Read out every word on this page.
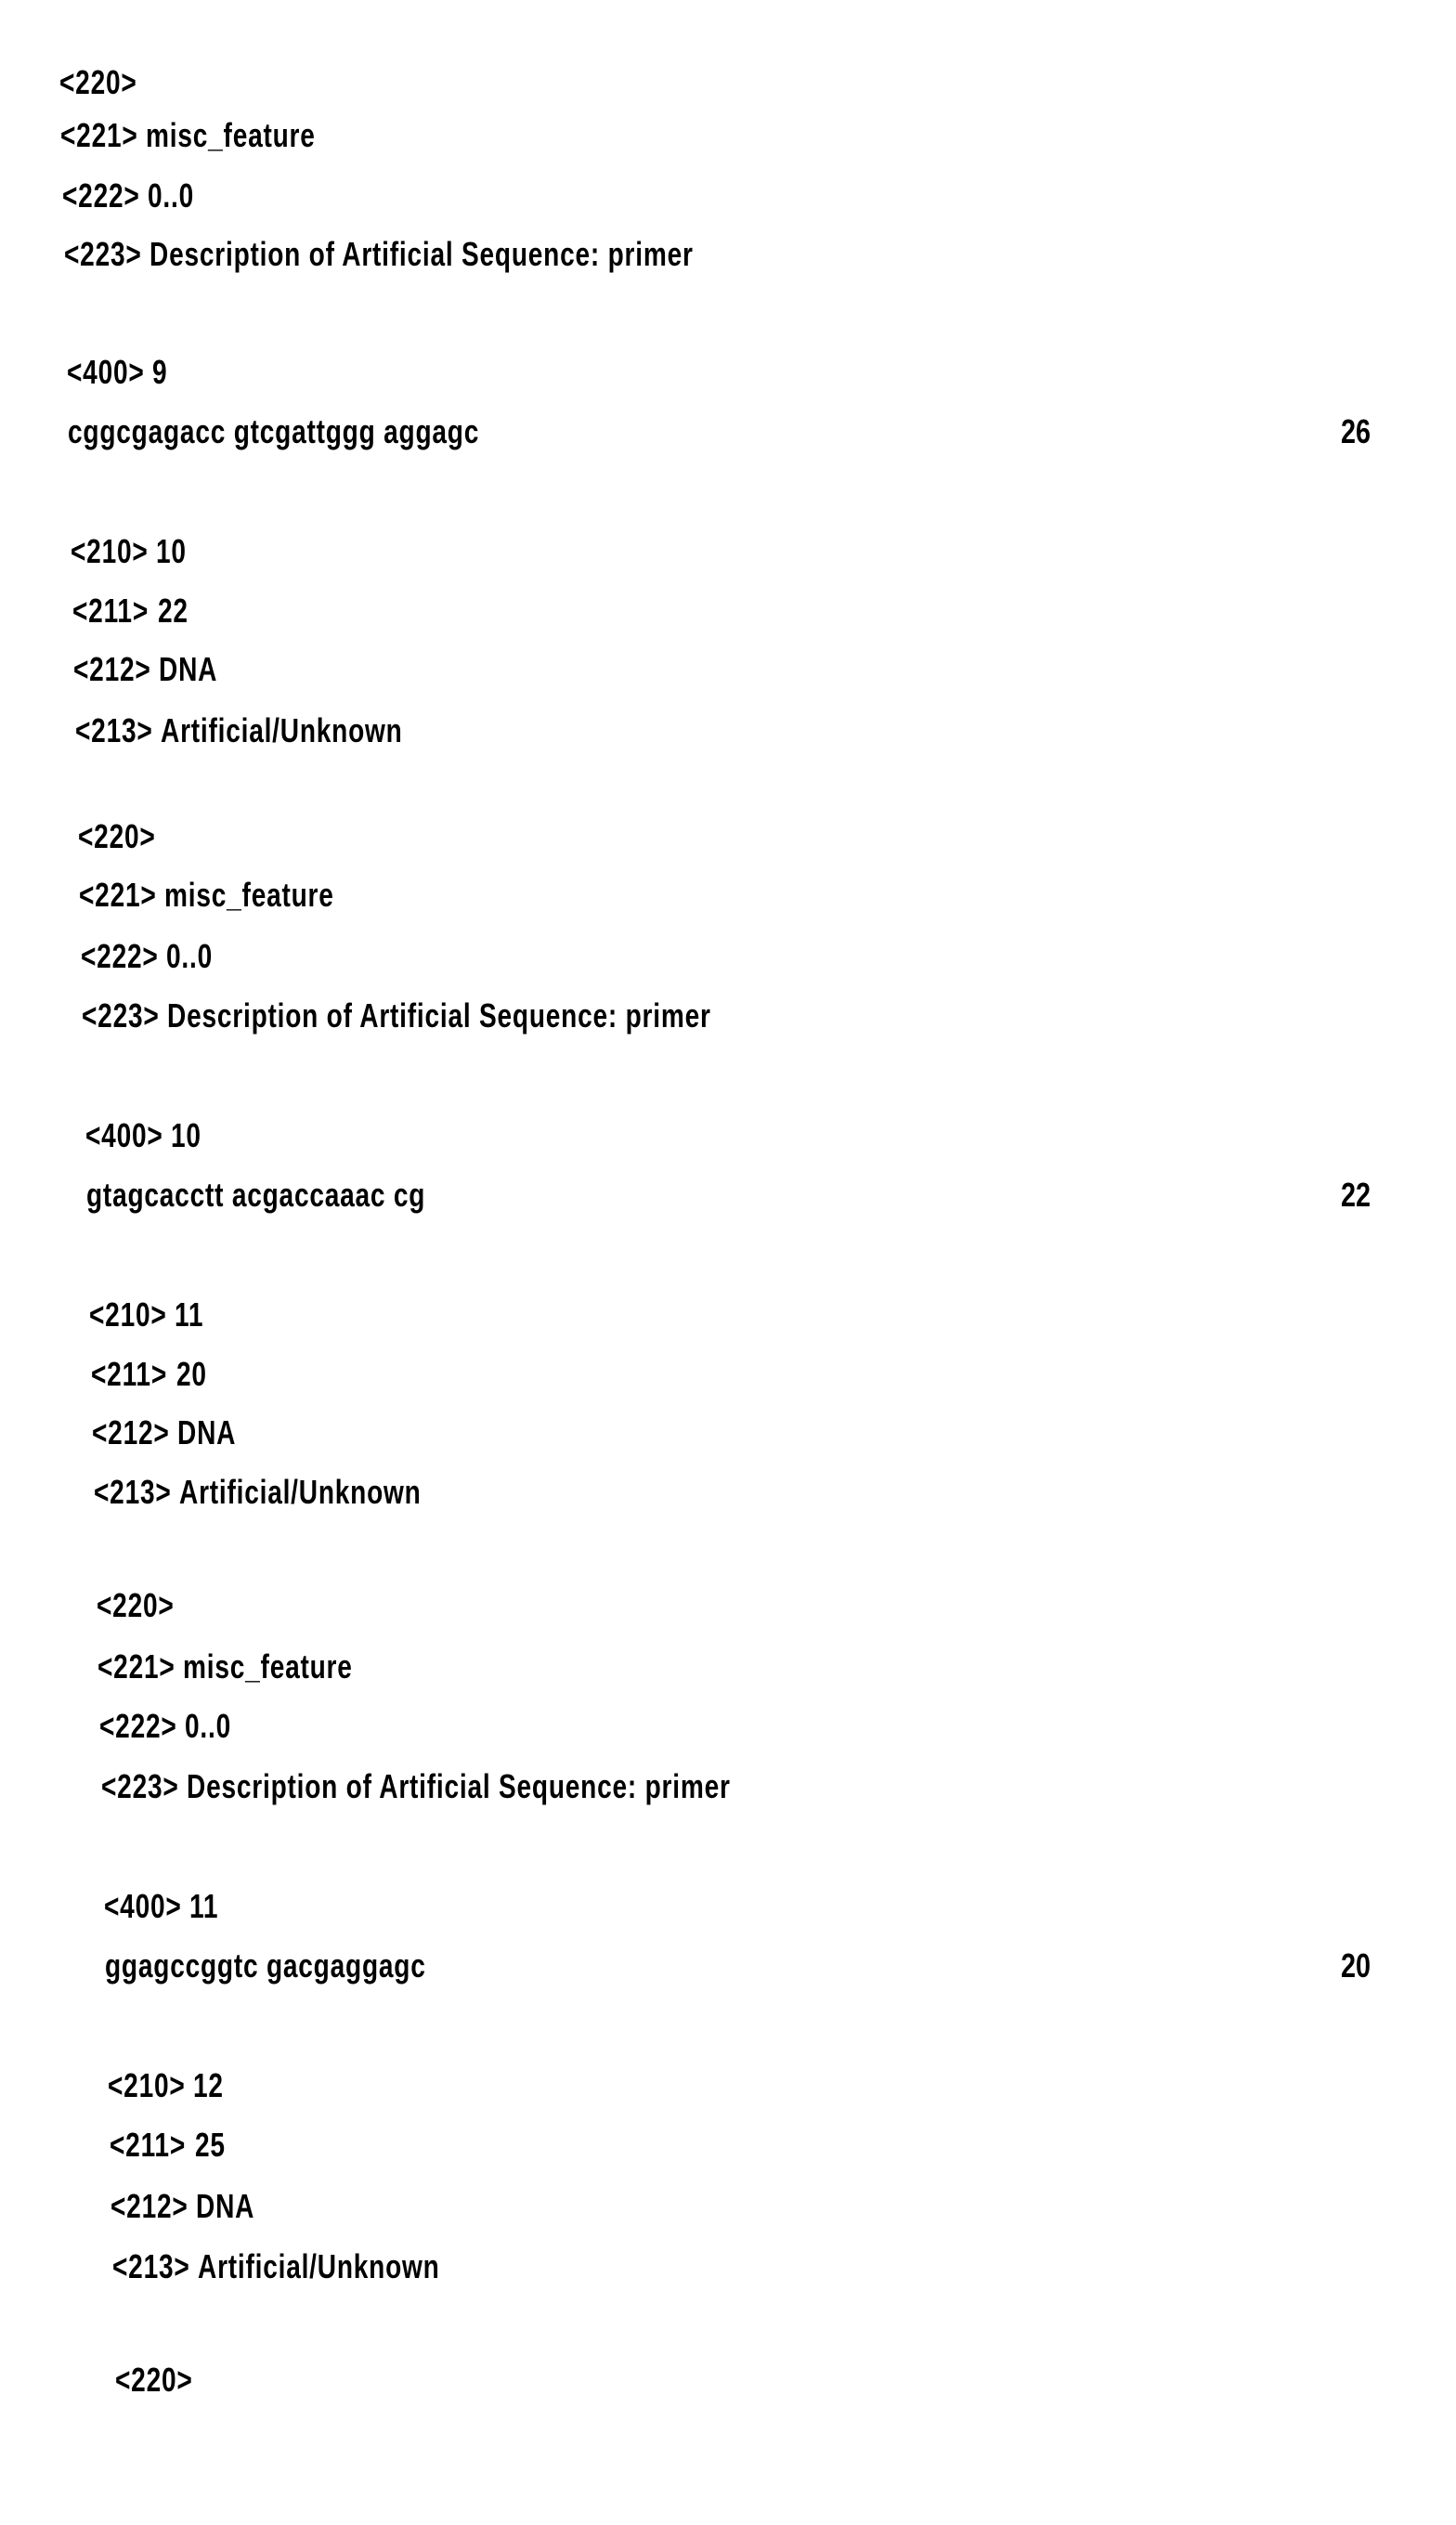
<220>
<221> misc_feature
<222> 0..0
<223> Description of Artificial Sequence: primer
<400> 9
cggcgagacc gtcgattggg aggagc	26
<210> 10
<211> 22
<212> DNA
<213> Artificial/Unknown
<220>
<221> misc_feature
<222> 0..0
<223> Description of Artificial Sequence: primer
<400> 10
gtagcacctt acgaccaaac cg	22
<210> 11
<211> 20
<212> DNA
<213> Artificial/Unknown
<220>
<221> misc_feature
<222> 0..0
<223> Description of Artificial Sequence: primer
<400> 11
ggagccggtc gacgaggagc	20
<210> 12
<211> 25
<212> DNA
<213> Artificial/Unknown
<220>
